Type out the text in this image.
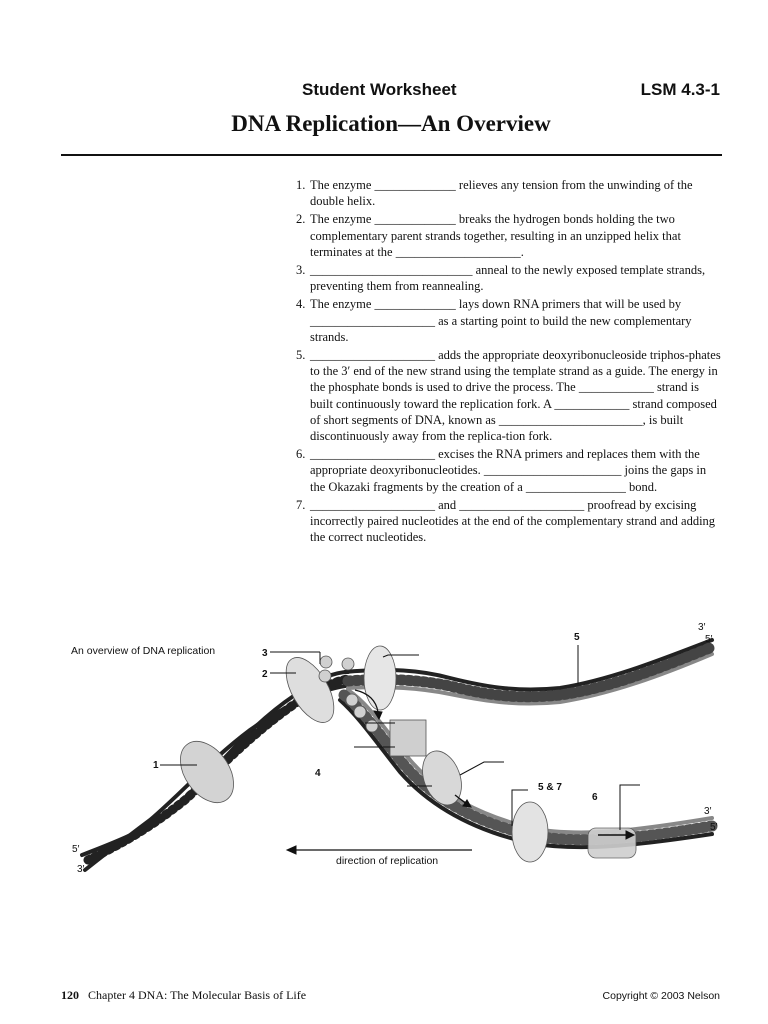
Student Worksheet	LSM 4.3-1
DNA Replication—An Overview
1. The enzyme _____________ relieves any tension from the unwinding of the double helix.
2. The enzyme _____________ breaks the hydrogen bonds holding the two complementary parent strands together, resulting in an unzipped helix that terminates at the ____________________.
3. __________________________ anneal to the newly exposed template strands, preventing them from reannealing.
4. The enzyme _____________ lays down RNA primers that will be used by ____________________ as a starting point to build the new complementary strands.
5. ____________________ adds the appropriate deoxyribonucleoside triphos-phates to the 3′ end of the new strand using the template strand as a guide. The energy in the phosphate bonds is used to drive the process. The ____________ strand is built continuously toward the replication fork. A ____________ strand composed of short segments of DNA, known as _______________________, is built discontinuously away from the replica-tion fork.
6. ____________________ excises the RNA primers and replaces them with the appropriate deoxyribonucleotides. ______________________ joins the gaps in the Okazaki fragments by the creation of a ________________ bond.
7. ____________________ and ____________________ proofread by excising incorrectly paired nucleotides at the end of the complementary strand and adding the correct nucleotides.
An overview of DNA replication
1
2
3
4
5
5 & 7
6
3′
5′
3′
5′
5′
3′
direction of replication
120 Chapter 4 DNA: The Molecular Basis of Life	Copyright © 2003 Nelson
